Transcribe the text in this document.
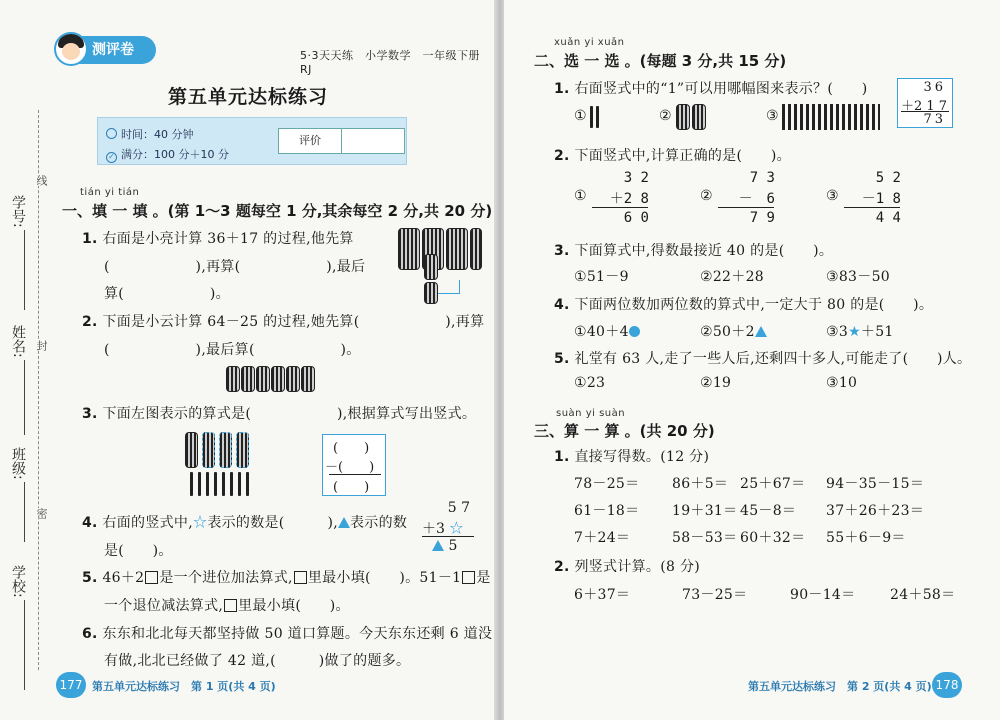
学校:
班级:
姓名:
学号:
线
封
密
测评卷	5·3天天练　小学数学　一年级下册　RJ
第五单元达标练习
时间：40 分钟
✓ 满分：100 分＋10 分
评价
tián yi tián
一、填 一 填 。(第 1～3 题每空 1 分,其余每空 2 分,共 20 分)
1. 右面是小亮计算 36＋17 的过程,他先算
(　　　　　　),再算(　　　　　　),最后
算(　　　　　　)。
2. 下面是小云计算 64－25 的过程,她先算(　　　　　　),再算
(　　　　　　),最后算(　　　　　　)。
3. 下面左图表示的算式是(　　　　　　),根据算式写出竖式。
(　　)
－(　　)
(　　)
4. 右面的竖式中,☆表示的数是(　　　), 表示的数
是(　　)。
5 7
＋3 ☆
5
5. 46＋2 是一个进位加法算式, 里最小填(　　)。51－1 是
一个退位减法算式, 里最小填(　　)。
6. 东东和北北每天都坚持做 50 道口算题。今天东东还剩 6 道没
有做,北北已经做了 42 道,(　　　)做了的题多。
177 第五单元达标练习　第 1 页(共 4 页)
xuǎn yi xuǎn
二、选 一 选 。(每题 3 分,共 15 分)
1. 右面竖式中的“1”可以用哪幅图来表示？(　　)	36
＋2 1 7
73
①	②	③
2. 下面竖式中,计算正确的是(　　)。
①
3 2
＋2 8
6 0
②
7 3
－　6
7 9
③
5 2
－1 8
4 4
3. 下面算式中,得数最接近 40 的是(　　)。
①51－9	②22＋28	③83－50
4. 下面两位数加两位数的算式中,一定大于 80 的是(　　)。
①40＋4	②50＋2	③3★＋51
5. 礼堂有 63 人,走了一些人后,还剩四十多人,可能走了(　　)人。
①23	②19	③10
suàn yi suàn
三、算 一 算 。(共 20 分)
1. 直接写得数。(12 分)
78－25＝ 86＋5＝ 25＋67＝ 94－35－15＝
61－18＝ 19＋31＝ 45－8＝ 37＋26＋23＝
7＋24＝	58－53＝ 60＋32＝ 55＋6－9＝
2. 列竖式计算。(8 分)
6＋37＝	73－25＝	90－14＝ 24＋58＝
第五单元达标练习　第 2 页(共 4 页) 178
